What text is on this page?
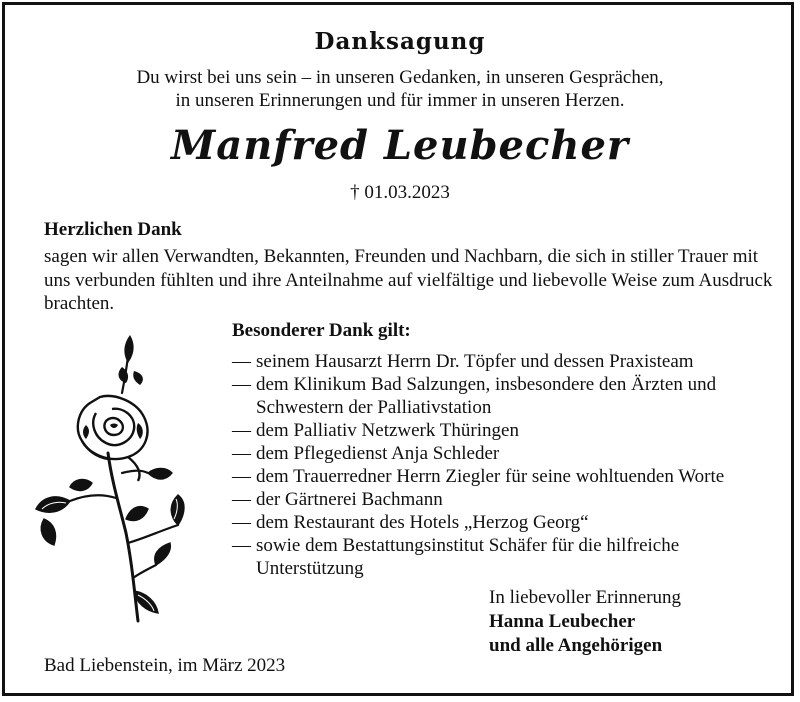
Danksagung
Du wirst bei uns sein – in unseren Gedanken, in unseren Gesprächen,
in unseren Erinnerungen und für immer in unseren Herzen.
Manfred Leubecher
† 01.03.2023
Herzlichen Dank
sagen wir allen Verwandten, Bekannten, Freunden und Nachbarn, die sich in stiller Trauer mit uns verbunden fühlten und ihre Anteilnahme auf vielfältige und liebevolle Weise zum Ausdruck brachten.
Besonderer Dank gilt:
— seinem Hausarzt Herrn Dr. Töpfer und dessen Praxisteam
— dem Klinikum Bad Salzungen, insbesondere den Ärzten und Schwestern der Palliativstation
— dem Palliativ Netzwerk Thüringen
— dem Pflegedienst Anja Schleder
— dem Trauerredner Herrn Ziegler für seine wohltuenden Worte
— der Gärtnerei Bachmann
— dem Restaurant des Hotels „Herzog Georg“
— sowie dem Bestattungsinstitut Schäfer für die hilfreiche Unterstützung
In liebevoller Erinnerung
Hanna Leubecher
und alle Angehörigen
Bad Liebenstein, im März 2023
